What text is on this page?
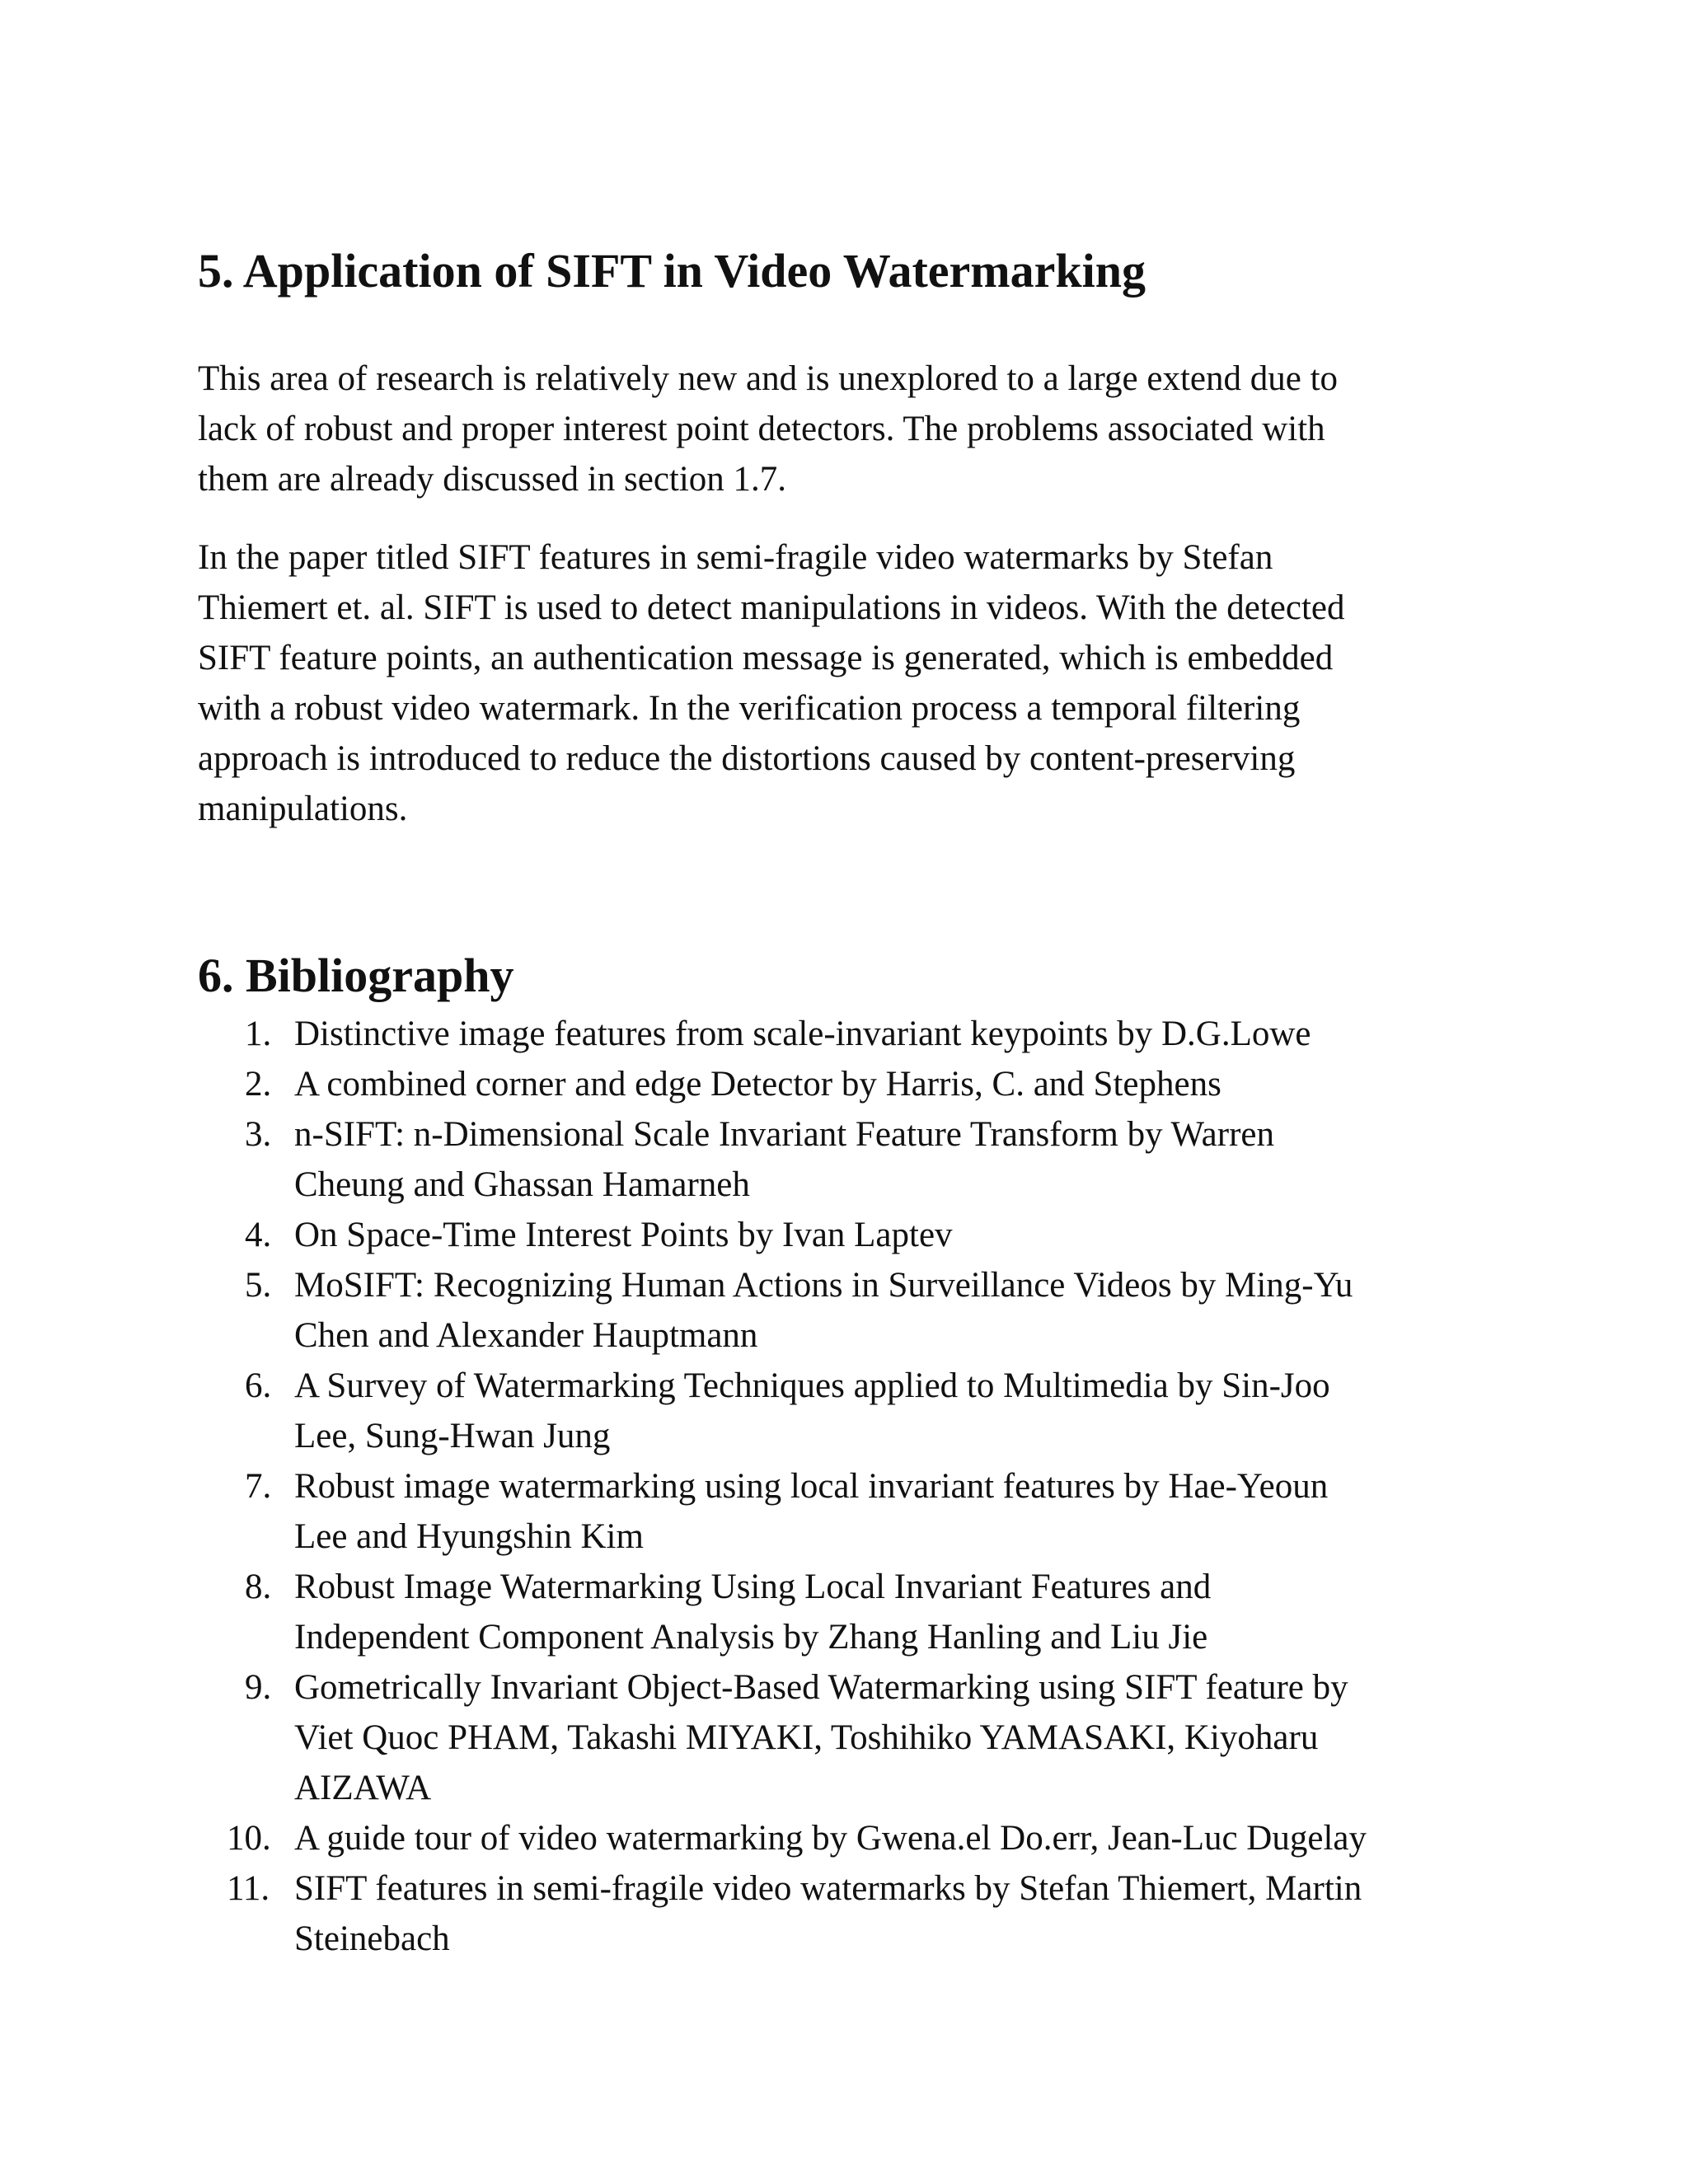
5. Application of SIFT in Video Watermarking

This area of research is relatively new and is unexplored to a large extend due to

lack of robust and proper interest point detectors. The problems associated with

them are already discussed in section 1.7.

In the paper titled SIFT features in semi-fragile video watermarks by Stefan

Thiemert et. al. SIFT is used to detect manipulations in videos. With the detected

SIFT feature points, an authentication message is generated, which is embedded

with a robust video watermark. In the verification process a temporal filtering

approach is introduced to reduce the distortions caused by content-preserving

manipulations.

6. Bibliography
1. Distinctive image features from scale-invariant keypoints by D.G.Lowe
2. A combined corner and edge Detector by Harris, C. and Stephens
3. n-SIFT: n-Dimensional Scale Invariant Feature Transform by Warren
Cheung and Ghassan Hamarneh
4. On Space-Time Interest Points by Ivan Laptev
5. MoSIFT: Recognizing Human Actions in Surveillance Videos by Ming-Yu
Chen and Alexander Hauptmann
6. A Survey of Watermarking Techniques applied to Multimedia by Sin-Joo
Lee, Sung-Hwan Jung
7. Robust image watermarking using local invariant features by Hae-Yeoun
Lee and Hyungshin Kim
8. Robust Image Watermarking Using Local Invariant Features and
Independent Component Analysis by Zhang Hanling and Liu Jie
9. Gometrically Invariant Object-Based Watermarking using SIFT feature by
Viet Quoc PHAM, Takashi MIYAKI, Toshihiko YAMASAKI, Kiyoharu
AIZAWA
10. A guide tour of video watermarking by Gwena.el Do.err, Jean-Luc Dugelay
11. SIFT features in semi-fragile video watermarks by Stefan Thiemert, Martin
Steinebach
